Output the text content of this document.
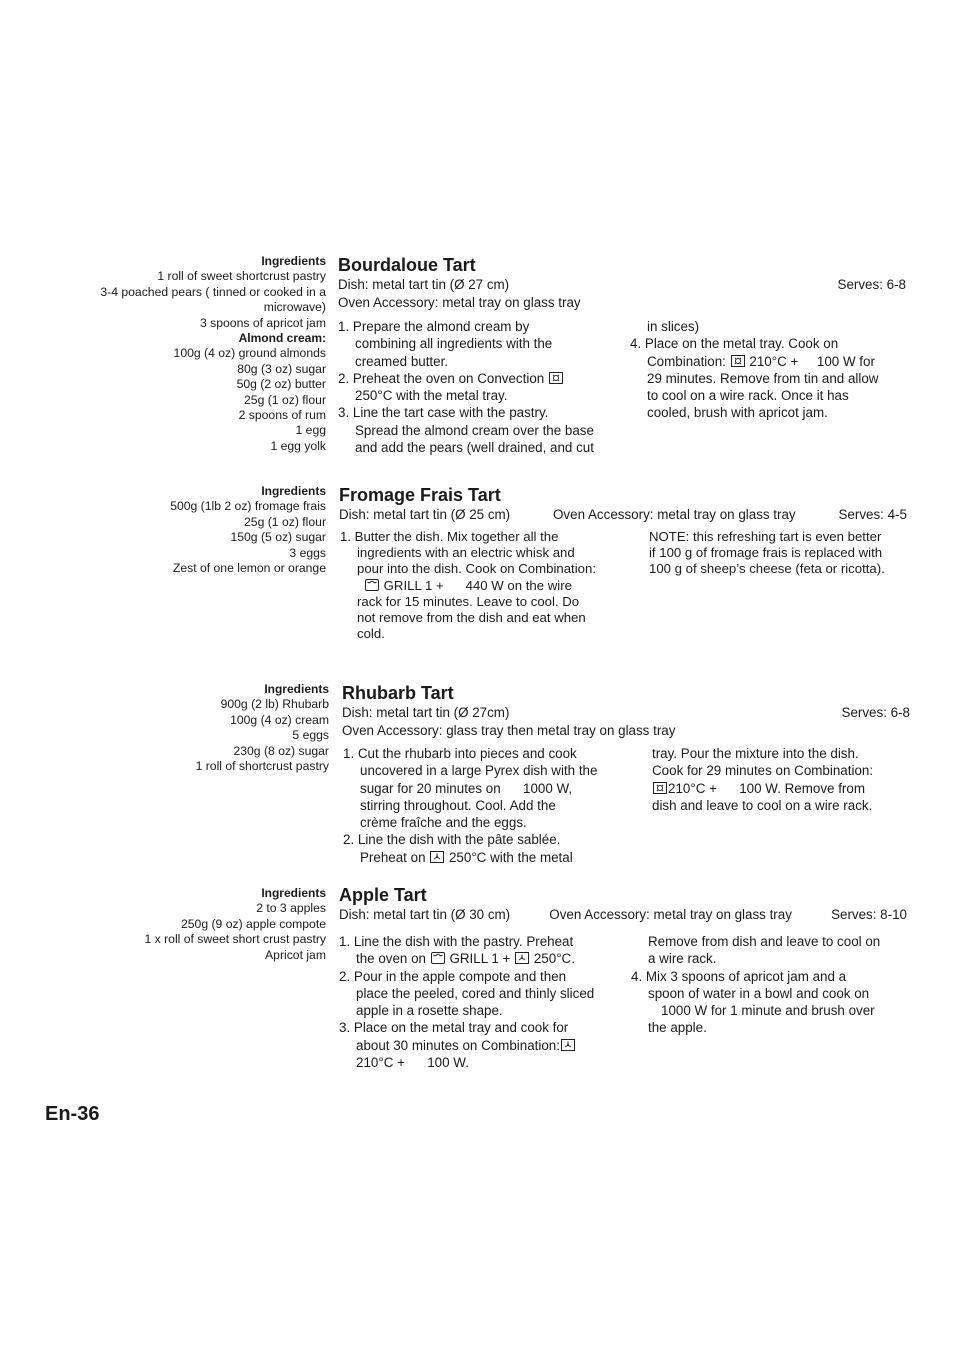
Ingredients
1 roll of sweet shortcrust pastry
3-4 poached pears ( tinned or cooked in a microwave)
3 spoons of apricot jam
Almond cream:
100g (4 oz) ground almonds
80g (3 oz) sugar
50g (2 oz) butter
25g (1 oz) flour
2 spoons of rum
1 egg
1 egg yolk
Bourdaloue Tart
Dish: metal tart tin (Ø 27 cm)	Serves: 6-8
Oven Accessory: metal tray on glass tray
1. Prepare the almond cream by
combining all ingredients with the
creamed butter.
2. Preheat the oven on Convection
250°C with the metal tray.
3. Line the tart case with the pastry.
Spread the almond cream over the base
and add the pears (well drained, and cut
in slices)
4. Place on the metal tray. Cook on
Combination: 210°C +     100 W for
29 minutes. Remove from tin and allow
to cool on a wire rack. Once it has
cooled, brush with apricot jam.
Ingredients
500g (1lb 2 oz) fromage frais
25g (1 oz) flour
150g (5 oz) sugar
3 eggs
Zest of one lemon or orange
Fromage Frais Tart
Dish: metal tart tin (Ø 25 cm)	Oven Accessory: metal tray on glass tray	Serves: 4-5
1. Butter the dish. Mix together all the
ingredients with an electric whisk and
pour into the dish. Cook on Combination:
GRILL 1 +      440 W on the wire
rack for 15 minutes. Leave to cool. Do
not remove from the dish and eat when
cold.
NOTE: this refreshing tart is even better
if 100 g of fromage frais is replaced with
100 g of sheep’s cheese (feta or ricotta).
Ingredients
900g (2 lb) Rhubarb
100g (4 oz) cream
5 eggs
230g (8 oz) sugar
1 roll of shortcrust pastry
Rhubarb Tart
Dish: metal tart tin (Ø 27cm)	Serves: 6-8
Oven Accessory: glass tray then metal tray on glass tray
1. Cut the rhubarb into pieces and cook
uncovered in a large Pyrex dish with the
sugar for 20 minutes on      1000 W,
stirring throughout. Cool. Add the
crème fraîche and the eggs.
2. Line the dish with the pâte sablée.
Preheat on 250°C with the metal
tray. Pour the mixture into the dish.
Cook for 29 minutes on Combination:
210°C +      100 W. Remove from
dish and leave to cool on a wire rack.
Ingredients
2 to 3 apples
250g (9 oz) apple compote
1 x roll of sweet short crust pastry
Apricot jam
Apple Tart
Dish: metal tart tin (Ø 30 cm)	Oven Accessory: metal tray on glass tray	Serves: 8-10
1. Line the dish with the pastry. Preheat
the oven on GRILL 1 + 250°C.
2. Pour in the apple compote and then
place the peeled, cored and thinly sliced
apple in a rosette shape.
3. Place on the metal tray and cook for
about 30 minutes on Combination:
210°C +      100 W.
Remove from dish and leave to cool on
a wire rack.
4. Mix 3 spoons of apricot jam and a
spoon of water in a bowl and cook on
1000 W for 1 minute and brush over
the apple.
En-36
